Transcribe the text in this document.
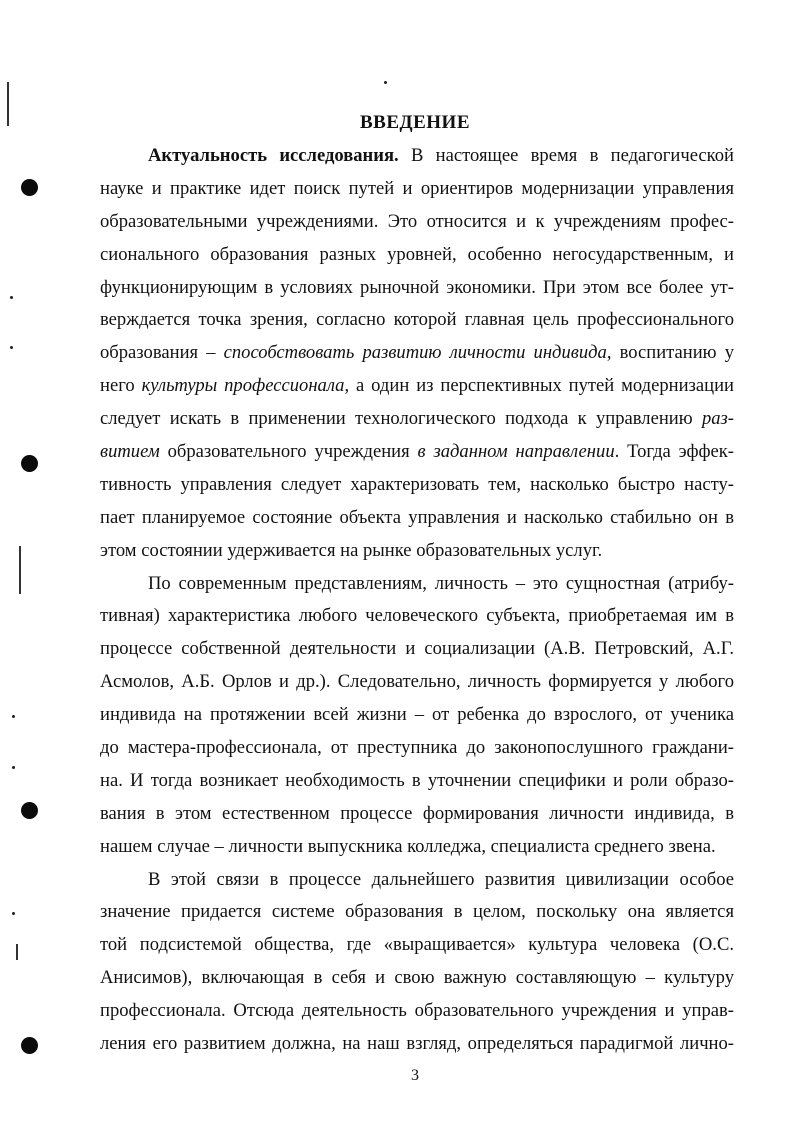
ВВЕДЕНИЕ
Актуальность исследования. В настоящее время в педагогической
науке и практике идет поиск путей и ориентиров модернизации управления
образовательными учреждениями. Это относится и к учреждениям профес-
сионального образования разных уровней, особенно негосударственным, и
функционирующим в условиях рыночной экономики. При этом все более ут-
верждается точка зрения, согласно которой главная цель профессионального
образования – способствовать развитию личности индивида, воспитанию у
него культуры профессионала, а один из перспективных путей модернизации
следует искать в применении технологического подхода к управлению раз-
витием образовательного учреждения в заданном направлении. Тогда эффек-
тивность управления следует характеризовать тем, насколько быстро насту-
пает планируемое состояние объекта управления и насколько стабильно он в
этом состоянии удерживается на рынке образовательных услуг.
По современным представлениям, личность – это сущностная (атрибу-
тивная) характеристика любого человеческого субъекта, приобретаемая им в
процессе собственной деятельности и социализации (А.В. Петровский, А.Г.
Асмолов, А.Б. Орлов и др.). Следовательно, личность формируется у любого
индивида на протяжении всей жизни – от ребенка до взрослого, от ученика
до мастера-профессионала, от преступника до законопослушного граждани-
на. И тогда возникает необходимость в уточнении специфики и роли образо-
вания в этом естественном процессе формирования личности индивида, в
нашем случае – личности выпускника колледжа, специалиста среднего звена.
В этой связи в процессе дальнейшего развития цивилизации особое
значение придается системе образования в целом, поскольку она является
той подсистемой общества, где «выращивается» культура человека (О.С.
Анисимов), включающая в себя и свою важную составляющую – культуру
профессионала. Отсюда деятельность образовательного учреждения и управ-
ления его развитием должна, на наш взгляд, определяться парадигмой лично-
3
